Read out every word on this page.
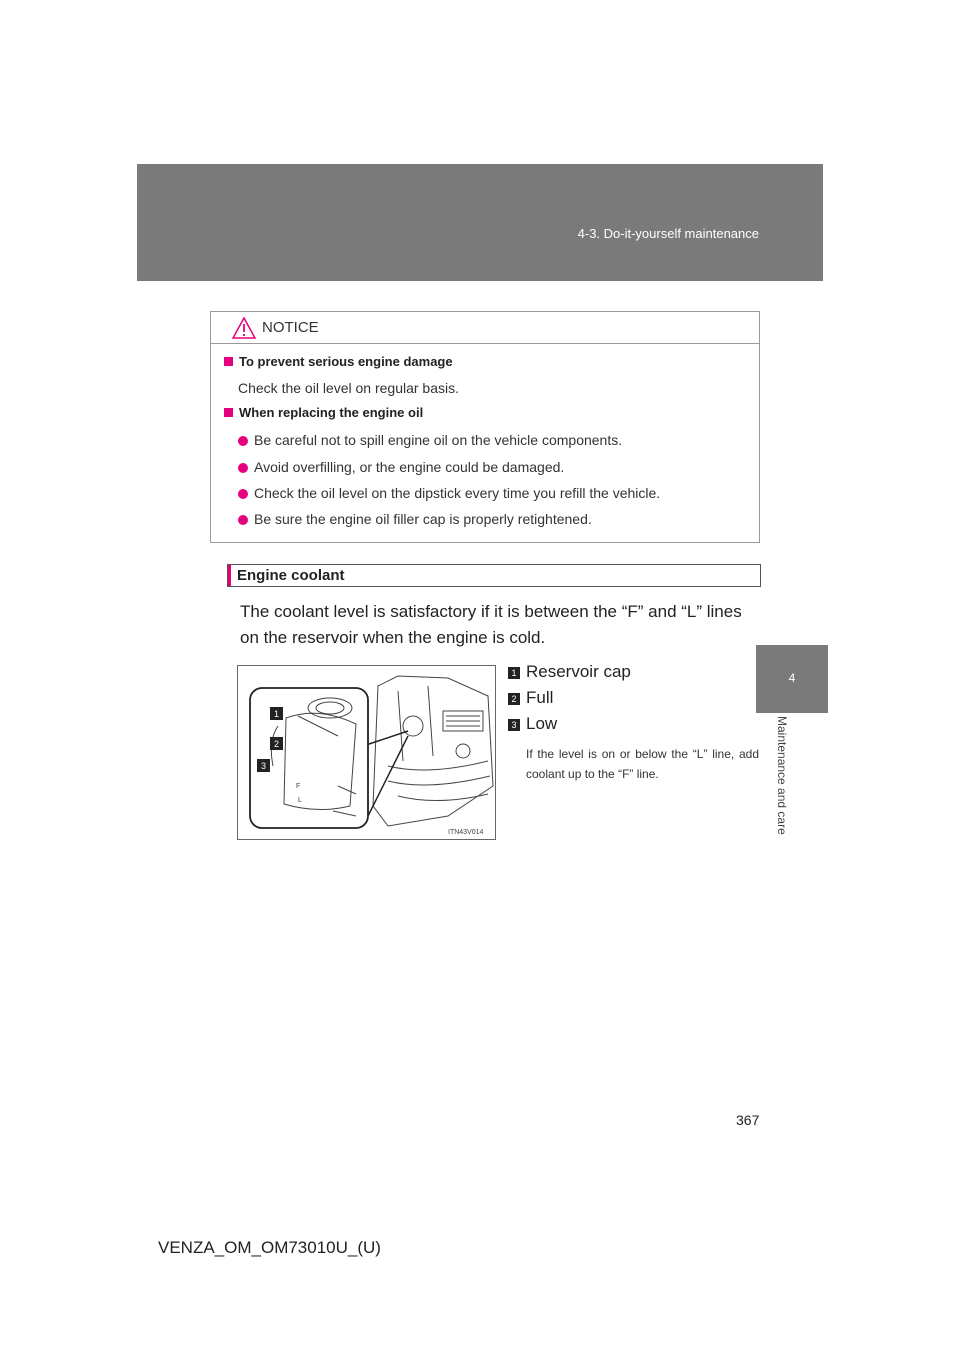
4-3. Do-it-yourself maintenance
4
Maintenance and care
NOTICE
To prevent serious engine damage
Check the oil level on regular basis.
When replacing the engine oil
Be careful not to spill engine oil on the vehicle components.
Avoid overfilling, or the engine could be damaged.
Check the oil level on the dipstick every time you refill the vehicle.
Be sure the engine oil filler cap is properly retightened.
Engine coolant
The coolant level is satisfactory if it is between the “F” and “L” lines on the reservoir when the engine is cold.
F
L
1
2
3
ITN43V014
1 Reservoir cap
2 Full
3 Low
If the level is on or below the “L” line, add coolant up to the “F” line.
367
VENZA_OM_OM73010U_(U)
